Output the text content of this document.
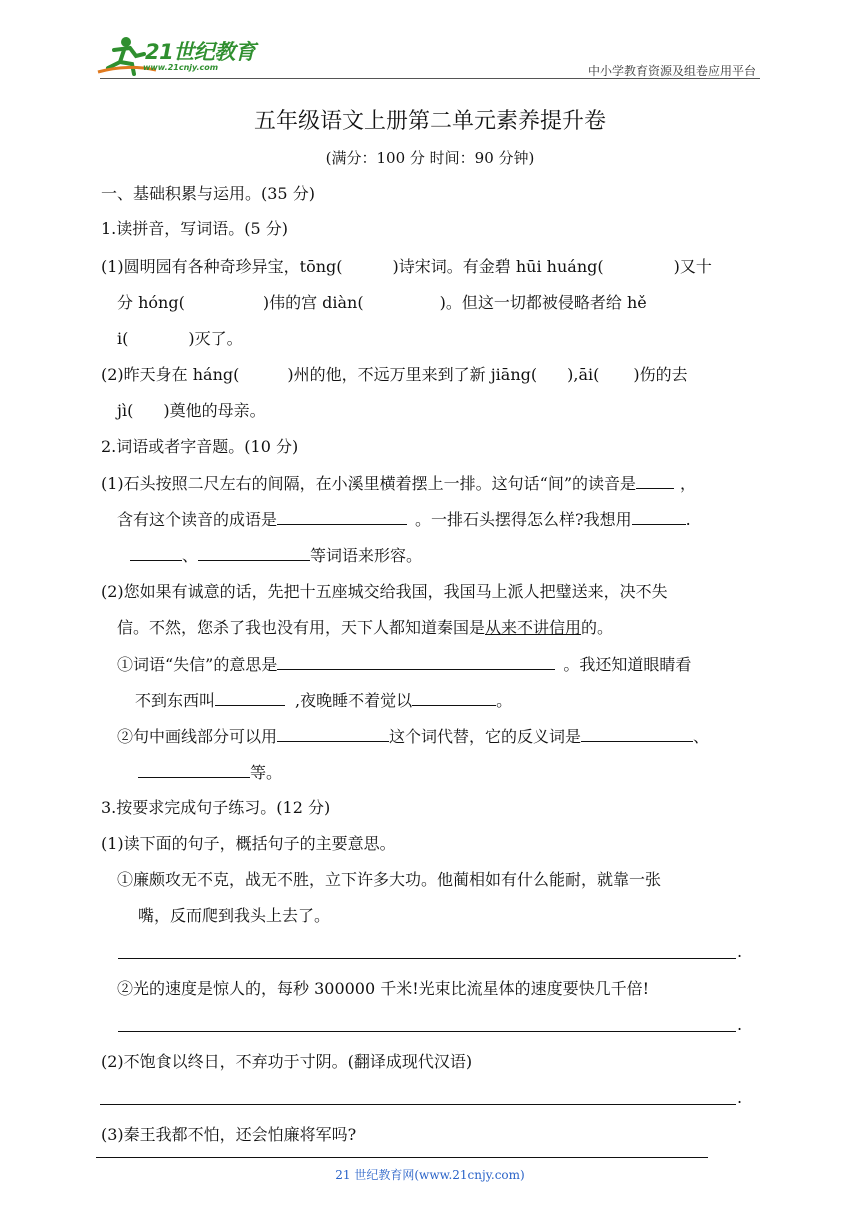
21世纪教育
www.21cnjy.com	中小学教育资源及组卷应用平台
五年级语文上册第二单元素养提升卷
(满分：100 分 时间：90 分钟)
一、基础积累与运用。(35 分)
1.读拼音，写词语。(5 分)
(1)圆明园有各种奇珍异宝，tōng(	)诗宋词。有金碧 hūi huáng(	)又十
分 hóng(	)伟的宫 diàn(	)。但这一切都被侵略者给 hě
i(	)灭了。
(2)昨天身在 háng(	)州的他，不远万里来到了新 jiāng( ),āi( )伤的去
jì( )奠他的母亲。
2.词语或者字音题。(10 分)
(1)石头按照二尺左右的间隔，在小溪里横着摆上一排。这句话“间”的读音是	，
含有这个读音的成语是	。一排石头摆得怎么样?我想用	.
、	等词语来形容。
(2)您如果有诚意的话，先把十五座城交给我国，我国马上派人把璧送来，决不失
信。不然，您杀了我也没有用，天下人都知道秦国是从来不讲信用的。
①词语“失信”的意思是	。我还知道眼睛看
不到东西叫	,夜晚睡不着觉以	。
②句中画线部分可以用	这个词代替，它的反义词是	、
等。
3.按要求完成句子练习。(12 分)
(1)读下面的句子，概括句子的主要意思。
①廉颇攻无不克，战无不胜，立下许多大功。他蔺相如有什么能耐，就靠一张
嘴，反而爬到我头上去了。
.
②光的速度是惊人的，每秒 300000 千米!光束比流星体的速度要快几千倍!
.
(2)不饱食以终日，不弃功于寸阴。(翻译成现代汉语)
.
(3)秦王我都不怕，还会怕廉将军吗?
21 世纪教育网(www.21cnjy.com)
